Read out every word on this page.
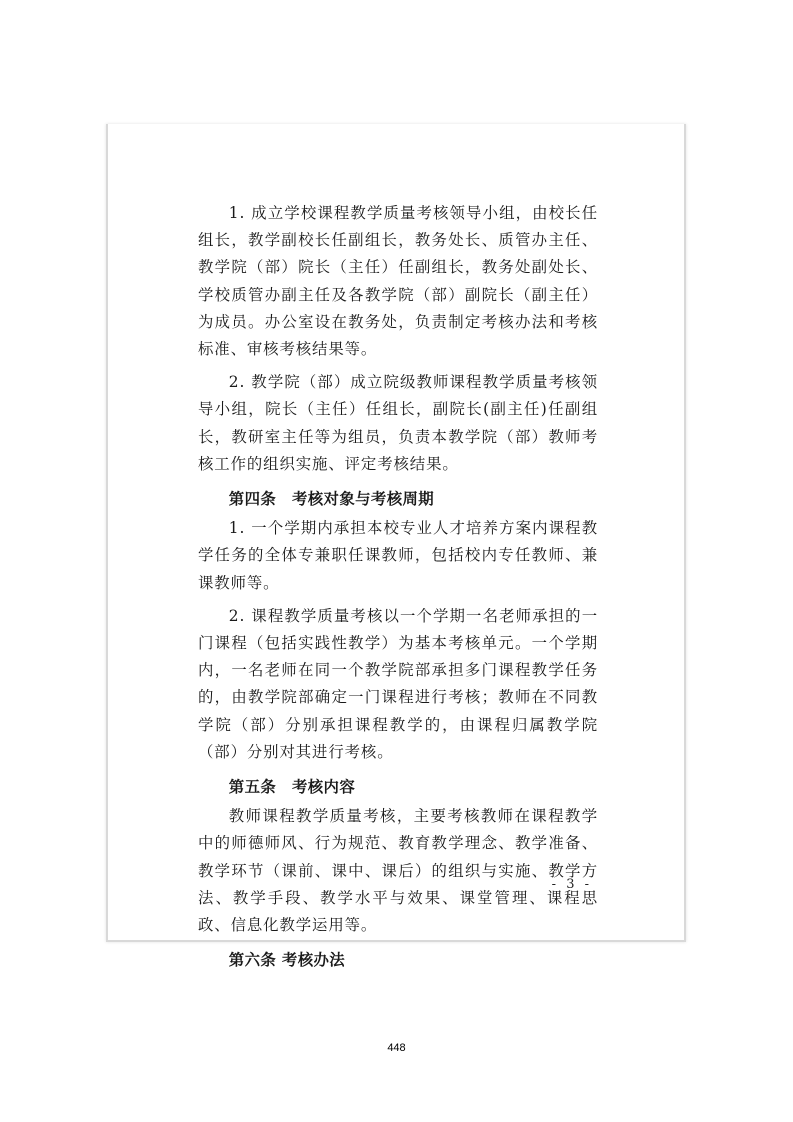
1. 成立学校课程教学质量考核领导小组，由校长任组长，教学副校长任副组长，教务处长、质管办主任、教学院（部）院长（主任）任副组长，教务处副处长、学校质管办副主任及各教学院（部）副院长（副主任）为成员。办公室设在教务处，负责制定考核办法和考核标准、审核考核结果等。

2. 教学院（部）成立院级教师课程教学质量考核领导小组，院长（主任）任组长，副院长(副主任)任副组长，教研室主任等为组员，负责本教学院（部）教师考核工作的组织实施、评定考核结果。

第四条　考核对象与考核周期

1. 一个学期内承担本校专业人才培养方案内课程教学任务的全体专兼职任课教师，包括校内专任教师、兼课教师等。

2. 课程教学质量考核以一个学期一名老师承担的一门课程（包括实践性教学）为基本考核单元。一个学期内，一名老师在同一个教学院部承担多门课程教学任务的，由教学院部确定一门课程进行考核；教师在不同教学院（部）分别承担课程教学的，由课程归属教学院（部）分别对其进行考核。

第五条　考核内容

教师课程教学质量考核，主要考核教师在课程教学中的师德师风、行为规范、教育教学理念、教学准备、教学环节（课前、课中、课后）的组织与实施、教学方法、教学手段、教学水平与效果、课堂管理、课程思政、信息化教学运用等。

第六条 考核办法

- 3 -
448
